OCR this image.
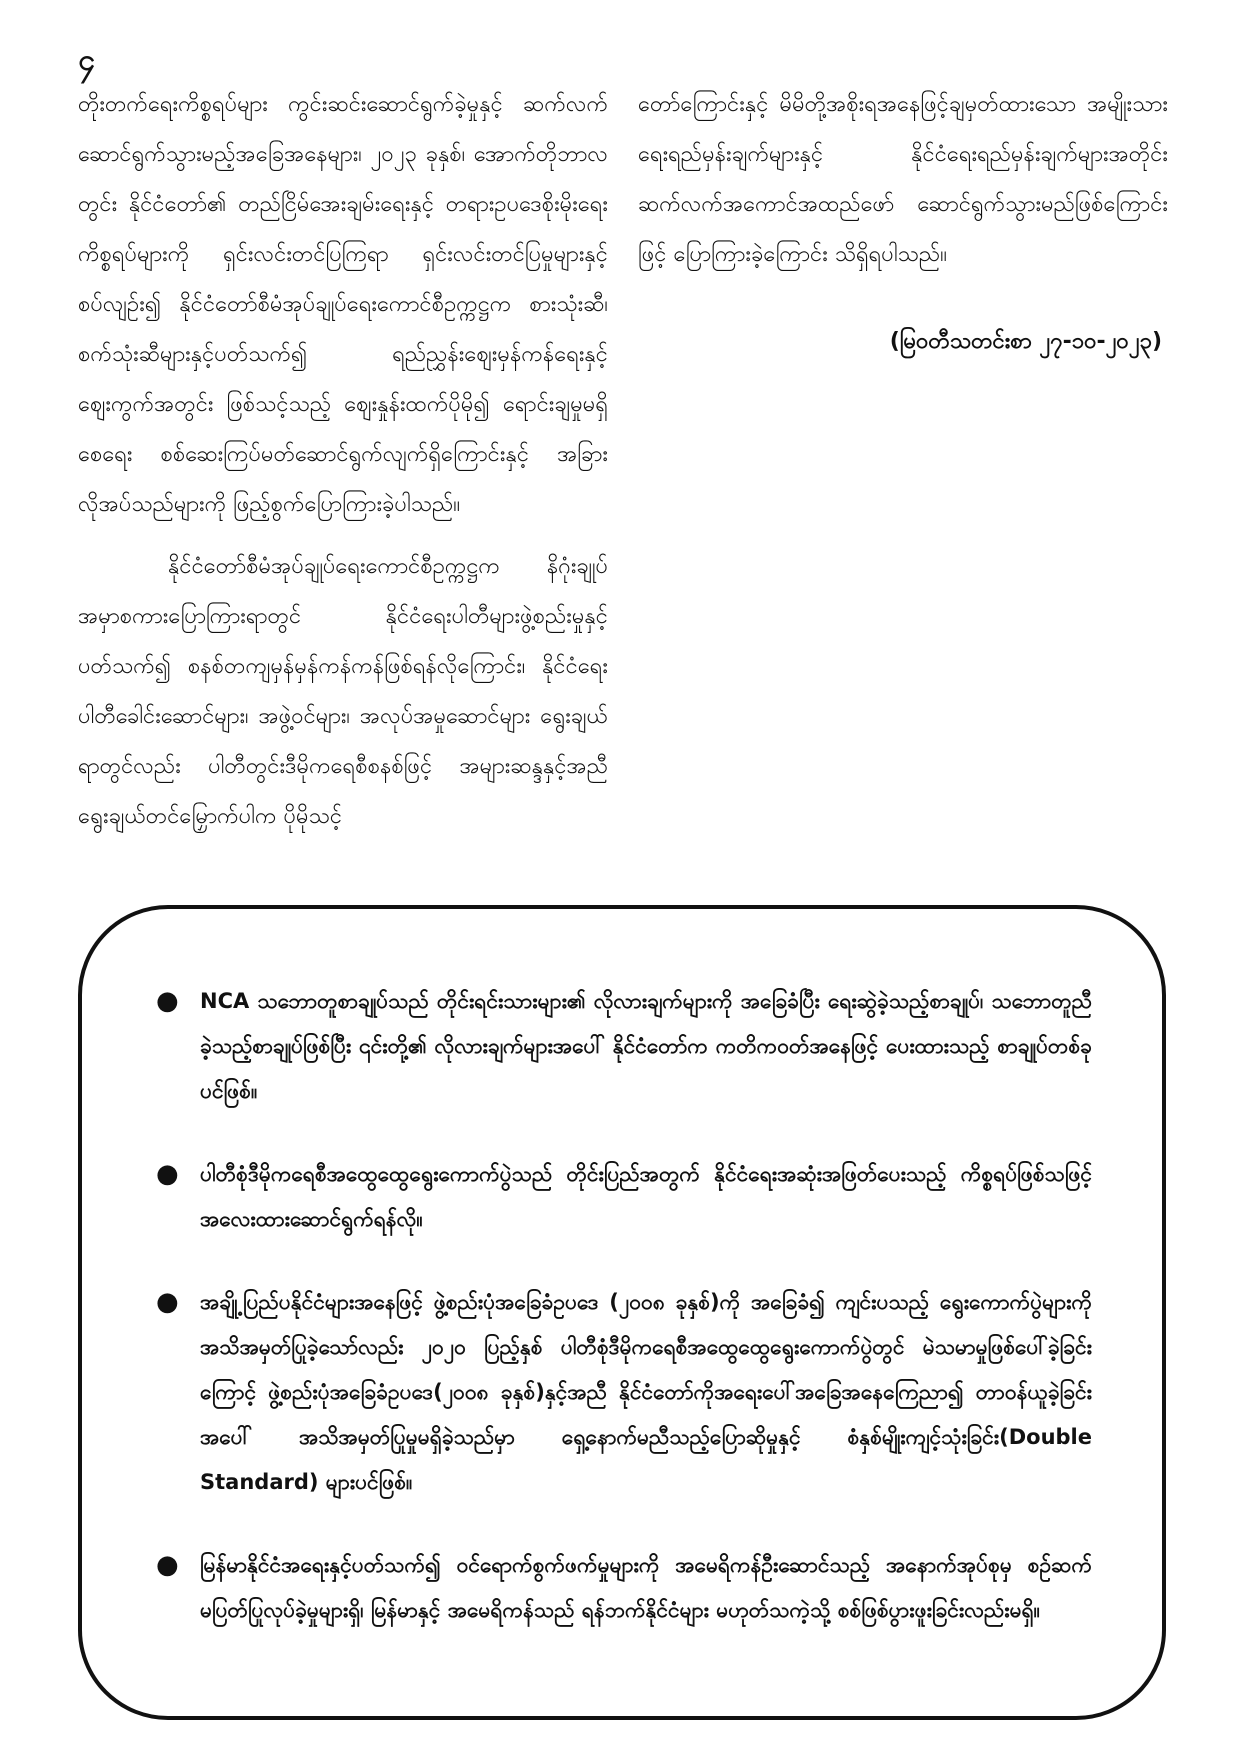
၄

တိုးတက်ရေးကိစ္စရပ်များ ကွင်းဆင်းဆောင်ရွက်ခဲ့မှုနှင့် ဆက်လက်ဆောင်ရွက်သွားမည့်အခြေအနေများ၊ ၂၀၂၃ ခုနှစ်၊ အောက်တိုဘာလတွင်း နိုင်ငံတော်၏ တည်ငြိမ်အေးချမ်းရေးနှင့် တရားဥပဒေစိုးမိုးရေးကိစ္စရပ်များကို ရှင်းလင်းတင်ပြကြရာ ရှင်းလင်းတင်ပြမှုများနှင့်စပ်လျဉ်း၍ နိုင်ငံတော်စီမံအုပ်ချုပ်ရေးကောင်စီဥက္ကဋ္ဌက စားသုံးဆီ၊ စက်သုံးဆီများနှင့်ပတ်သက်၍ ရည်ညွှန်းဈေးမှန်ကန်ရေးနှင့် ဈေးကွက်အတွင်း ဖြစ်သင့်သည့် ဈေးနှုန်းထက်ပိုမို၍ ရောင်းချမှုမရှိစေရေး စစ်ဆေးကြပ်မတ်ဆောင်ရွက်လျက်ရှိကြောင်းနှင့် အခြားလိုအပ်သည်များကို ဖြည့်စွက်ပြောကြားခဲ့ပါသည်။

နိုင်ငံတော်စီမံအုပ်ချုပ်ရေးကောင်စီဥက္ကဋ္ဌက နိဂုံးချုပ်အမှာစကားပြောကြားရာတွင် နိုင်ငံရေးပါတီများဖွဲ့စည်းမှုနှင့်ပတ်သက်၍ စနစ်တကျမှန်မှန်ကန်ကန်ဖြစ်ရန်လိုကြောင်း၊ နိုင်ငံရေးပါတီခေါင်းဆောင်များ၊ အဖွဲ့ဝင်များ၊ အလုပ်အမှုဆောင်များ ရွေးချယ်ရာတွင်လည်း ပါတီတွင်းဒီမိုကရေစီစနစ်ဖြင့် အများဆန္ဒနှင့်အညီ ရွေးချယ်တင်မြှောက်ပါက ပိုမိုသင့်

တော်ကြောင်းနှင့် မိမိတို့အစိုးရအနေဖြင့်ချမှတ်ထားသော အမျိုးသားရေးရည်မှန်းချက်များနှင့် နိုင်ငံရေးရည်မှန်းချက်များအတိုင်း ဆက်လက်အကောင်အထည်ဖော် ဆောင်ရွက်သွားမည်ဖြစ်ကြောင်းဖြင့် ပြောကြားခဲ့ကြောင်း သိရှိရပါသည်။

(မြဝတီသတင်းစာ ၂၇-၁၀-၂၀၂၃)
● NCA သဘောတူစာချုပ်သည် တိုင်းရင်းသားများ၏ လိုလားချက်များကို အခြေခံပြီး ရေးဆွဲခဲ့သည့်စာချုပ်၊ သဘောတူညီခဲ့သည့်စာချုပ်ဖြစ်ပြီး ၎င်းတို့၏ လိုလားချက်များအပေါ် နိုင်ငံတော်က ကတိကဝတ်အနေဖြင့် ပေးထားသည့် စာချုပ်တစ်ခုပင်ဖြစ်။
● ပါတီစုံဒီမိုကရေစီအထွေထွေရွေးကောက်ပွဲသည် တိုင်းပြည်အတွက် နိုင်ငံရေးအဆုံးအဖြတ်ပေးသည့် ကိစ္စရပ်ဖြစ်သဖြင့် အလေးထားဆောင်ရွက်ရန်လို။
● အချို့ပြည်ပနိုင်ငံများအနေဖြင့် ဖွဲ့စည်းပုံအခြေခံဥပဒေ (၂၀၀၈ ခုနှစ်)ကို အခြေခံ၍ ကျင်းပသည့် ရွေးကောက်ပွဲများကို အသိအမှတ်ပြုခဲ့သော်လည်း ၂၀၂၀ ပြည့်နှစ် ပါတီစုံဒီမိုကရေစီအထွေထွေရွေးကောက်ပွဲတွင် မဲသမာမှုဖြစ်ပေါ်ခဲ့ခြင်းကြောင့် ဖွဲ့စည်းပုံအခြေခံဥပဒေ(၂၀၀၈ ခုနှစ်)နှင့်အညီ နိုင်ငံတော်ကိုအရေးပေါ်အခြေအနေကြေညာ၍ တာဝန်ယူခဲ့ခြင်းအပေါ် အသိအမှတ်ပြုမှုမရှိခဲ့သည်မှာ ရှေ့နောက်မညီသည့်ပြောဆိုမှုနှင့် စံနှစ်မျိုးကျင့်သုံးခြင်း(Double Standard) များပင်ဖြစ်။
● မြန်မာနိုင်ငံအရေးနှင့်ပတ်သက်၍ ဝင်ရောက်စွက်ဖက်မှုများကို အမေရိကန်ဦးဆောင်သည့် အနောက်အုပ်စုမှ စဉ်ဆက်မပြတ်ပြုလုပ်ခဲ့မှုများရှိ၊ မြန်မာနှင့် အမေရိကန်သည် ရန်ဘက်နိုင်ငံများ မဟုတ်သကဲ့သို့ စစ်ဖြစ်ပွားဖူးခြင်းလည်းမရှိ။
